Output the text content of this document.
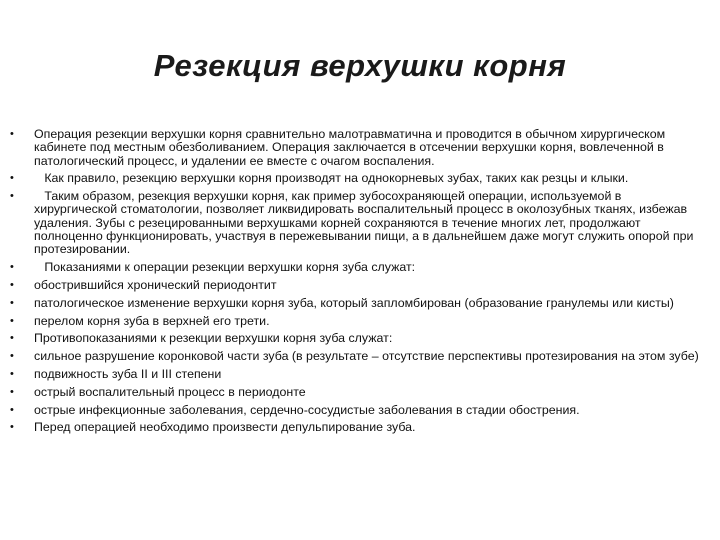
Резекция верхушки корня
•	Операция резекции верхушки корня сравнительно малотравматична и проводится в обычном хирургическом кабинете под местным обезболиванием. Операция заключается в отсечении верхушки корня, вовлеченной в патологический процесс, и удалении ее вместе с очагом воспаления.
•	Как правило, резекцию верхушки корня производят на однокорневых зубах, таких как резцы и клыки.
•	Таким образом, резекция верхушки корня, как пример зубосохраняющей операции, используемой в хирургической стоматологии, позволяет ликвидировать воспалительный процесс в околозубных тканях, избежав удаления. Зубы с резецированными верхушками корней сохраняются в течение многих лет, продолжают полноценно функционировать, участвуя в пережевывании пищи, а в дальнейшем даже могут служить опорой при протезировании.
•	Показаниями к операции резекции верхушки корня зуба служат:
•	обострившийся хронический периодонтит
•	патологическое изменение верхушки корня зуба, который запломбирован (образование гранулемы или кисты)
•	перелом корня зуба в верхней его трети.
•	Противопоказаниями к резекции верхушки корня зуба служат:
•	сильное разрушение коронковой части зуба (в результате – отсутствие перспективы протезирования на этом зубе)
•	подвижность зуба II и III степени
•	острый воспалительный процесс в периодонте
•	острые инфекционные заболевания, сердечно-сосудистые заболевания в стадии обострения.
•	Перед операцией необходимо произвести депульпирование зуба.
